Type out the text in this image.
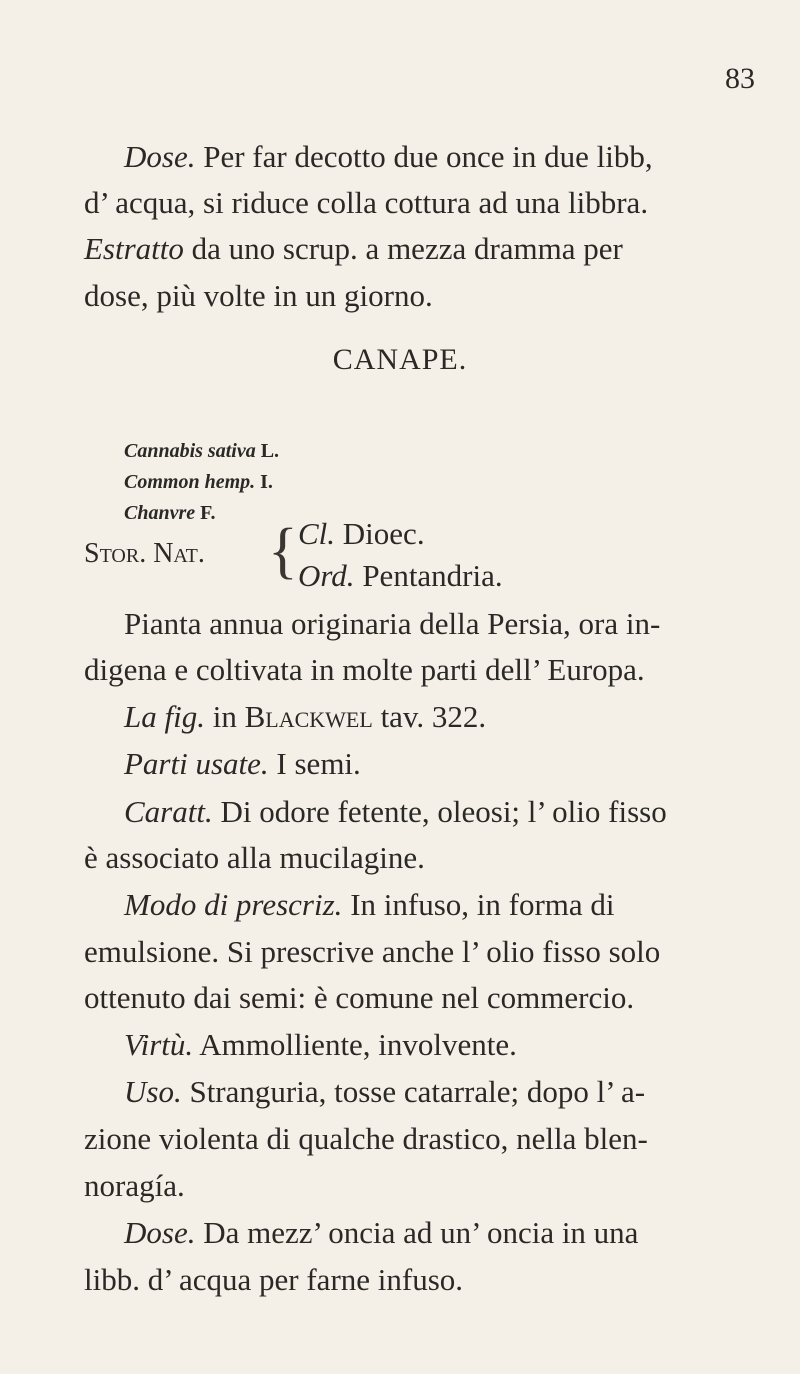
83
Dose. Per far decotto due once in due libb,
d’ acqua, si riduce colla cottura ad una libbra.
Estratto da uno scrup. a mezza dramma per
dose, più volte in un giorno.
CANAPE.
Cannabis sativa L.
Common hemp. I.
Chanvre F.
Stor. Nat. { Cl. Dioec.
Ord. Pentandria.
Pianta annua originaria della Persia, ora in-
digena e coltivata in molte parti dell’ Europa.
La fig. in Blackwel tav. 322.
Parti usate. I semi.
Caratt. Di odore fetente, oleosi; l’ olio fisso
è associato alla mucilagine.
Modo di prescriz. In infuso, in forma di
emulsione. Si prescrive anche l’ olio fisso solo
ottenuto dai semi: è comune nel commercio.
Virtù. Ammolliente, involvente.
Uso. Stranguria, tosse catarrale; dopo l’ a-
zione violenta di qualche drastico, nella blen-
noragía.
Dose. Da mezz’ oncia ad un’ oncia in una
libb. d’ acqua per farne infuso.
